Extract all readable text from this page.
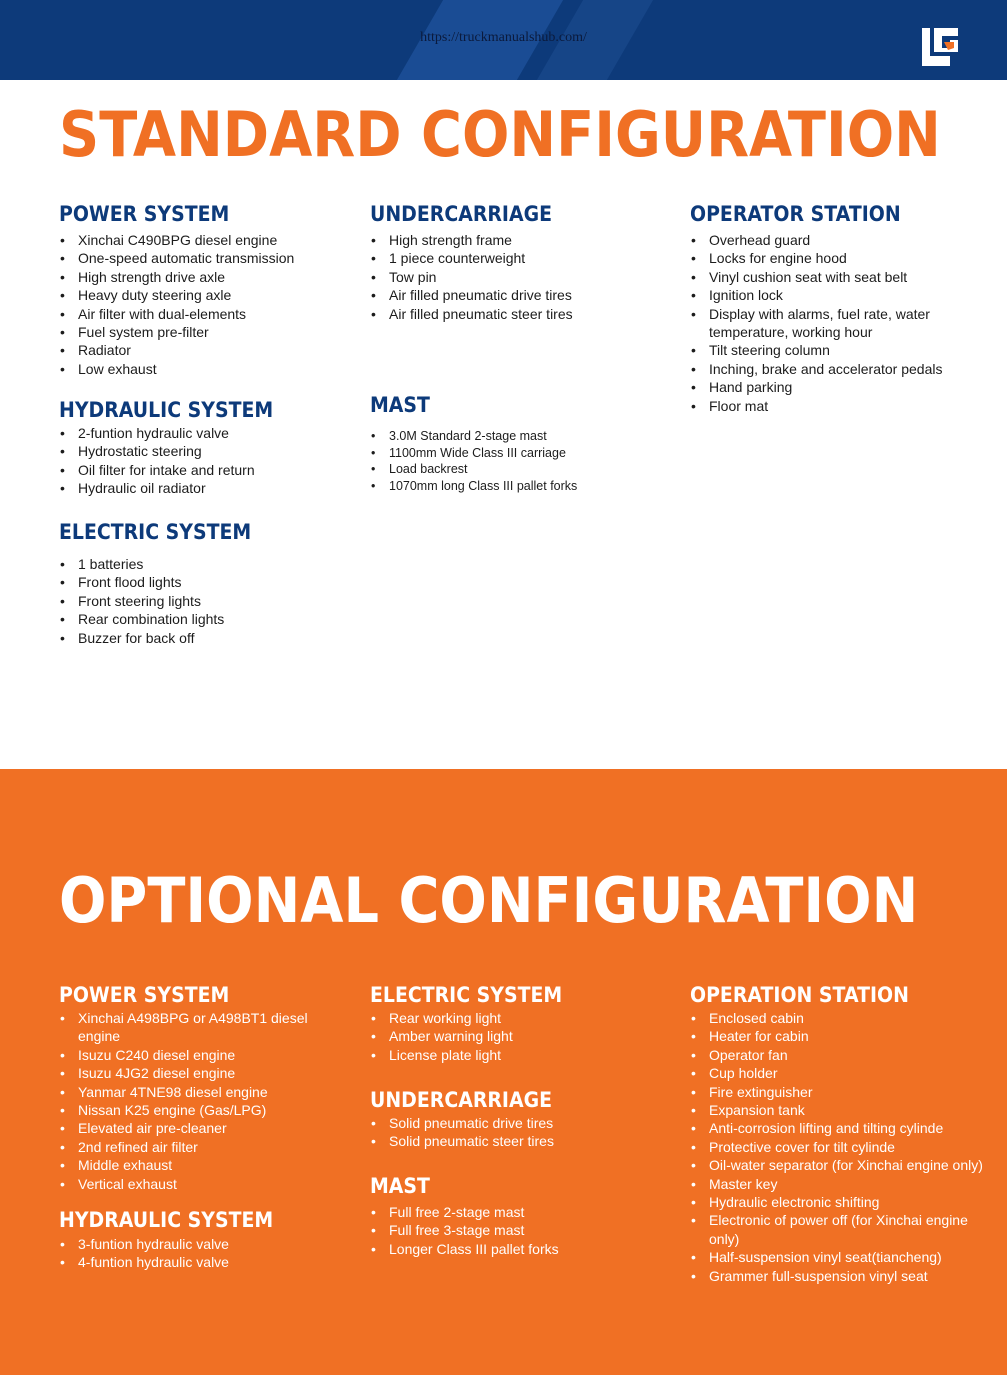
https://truckmanualshub.com/
STANDARD CONFIGURATION
POWER SYSTEM
• Xinchai C490BPG diesel engine
• One-speed automatic transmission
• High strength drive axle
• Heavy duty steering axle
• Air filter with dual-elements
• Fuel system pre-filter
• Radiator
• Low exhaust
HYDRAULIC SYSTEM
• 2-funtion hydraulic valve
• Hydrostatic steering
• Oil filter for intake and return
• Hydraulic oil radiator
ELECTRIC SYSTEM
• 1 batteries
• Front flood lights
• Front steering lights
• Rear combination lights
• Buzzer for back off
UNDERCARRIAGE
• High strength frame
• 1 piece counterweight
• Tow pin
• Air filled pneumatic drive tires
• Air filled pneumatic steer tires
MAST
• 3.0M Standard 2-stage mast
• 1100mm Wide Class III carriage
• Load backrest
• 1070mm long Class III pallet forks
OPERATOR STATION
• Overhead guard
• Locks for engine hood
• Vinyl cushion seat with seat belt
• Ignition lock
• Display with alarms, fuel rate, water temperature, working hour
• Tilt steering column
• Inching, brake and accelerator pedals
• Hand parking
• Floor mat
OPTIONAL CONFIGURATION
POWER SYSTEM
• Xinchai A498BPG or A498BT1 diesel engine
• Isuzu C240 diesel engine
• Isuzu 4JG2 diesel engine
• Yanmar 4TNE98 diesel engine
• Nissan K25 engine (Gas/LPG)
• Elevated air pre-cleaner
• 2nd refined air filter
• Middle exhaust
• Vertical exhaust
HYDRAULIC SYSTEM
• 3-funtion hydraulic valve
• 4-funtion hydraulic valve
ELECTRIC SYSTEM
• Rear working light
• Amber warning light
• License plate light
UNDERCARRIAGE
• Solid pneumatic drive tires
• Solid pneumatic steer tires
MAST
• Full free 2-stage mast
• Full free 3-stage mast
• Longer Class III pallet forks
OPERATION STATION
• Enclosed cabin
• Heater for cabin
• Operator fan
• Cup holder
• Fire extinguisher
• Expansion tank
• Anti-corrosion lifting and tilting cylinde
• Protective cover for tilt cylinde
• Oil-water separator (for Xinchai engine only)
• Master key
• Hydraulic electronic shifting
• Electronic of power off (for Xinchai engine only)
• Half-suspension vinyl seat(tiancheng)
• Grammer full-suspension vinyl seat
